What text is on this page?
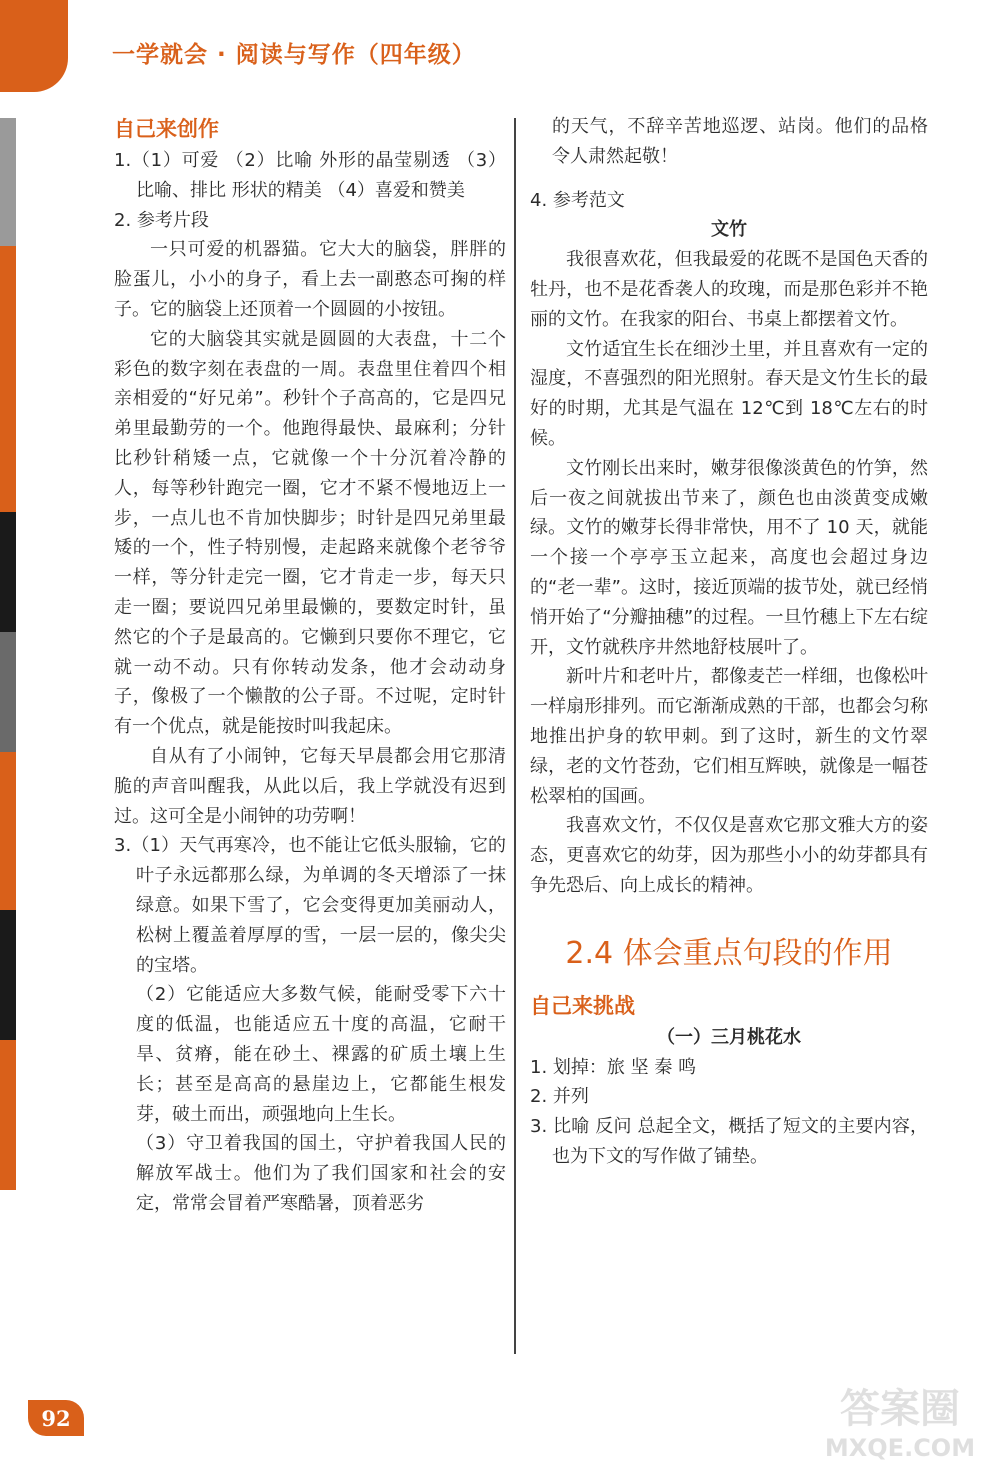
一学就会 · 阅读与写作（四年级）

自己来创作

1.（1）可爱 （2）比喻 外形的晶莹剔透 （3）比喻、排比 形状的精美 （4）喜爱和赞美

2. 参考片段

一只可爱的机器猫。它大大的脑袋，胖胖的脸蛋儿，小小的身子，看上去一副憨态可掬的样子。它的脑袋上还顶着一个圆圆的小按钮。

它的大脑袋其实就是圆圆的大表盘，十二个彩色的数字刻在表盘的一周。表盘里住着四个相亲相爱的“好兄弟”。秒针个子高高的，它是四兄弟里最勤劳的一个。他跑得最快、最麻利；分针比秒针稍矮一点，它就像一个十分沉着冷静的人，每等秒针跑完一圈，它才不紧不慢地迈上一步，一点儿也不肯加快脚步；时针是四兄弟里最矮的一个，性子特别慢，走起路来就像个老爷爷一样，等分针走完一圈，它才肯走一步，每天只走一圈；要说四兄弟里最懒的，要数定时针，虽然它的个子是最高的。它懒到只要你不理它，它就一动不动。只有你转动发条，他才会动动身子，像极了一个懒散的公子哥。不过呢，定时针有一个优点，就是能按时叫我起床。

自从有了小闹钟，它每天早晨都会用它那清脆的声音叫醒我，从此以后，我上学就没有迟到过。这可全是小闹钟的功劳啊！

3.（1）天气再寒冷，也不能让它低头服输，它的叶子永远都那么绿，为单调的冬天增添了一抹绿意。如果下雪了，它会变得更加美丽动人，松树上覆盖着厚厚的雪，一层一层的，像尖尖的宝塔。

（2）它能适应大多数气候，能耐受零下六十度的低温，也能适应五十度的高温，它耐干旱、贫瘠，能在砂土、裸露的矿质土壤上生长；甚至是高高的悬崖边上，它都能生根发芽，破土而出，顽强地向上生长。

（3）守卫着我国的国土，守护着我国人民的解放军战士。他们为了我们国家和社会的安定，常常会冒着严寒酷暑，顶着恶劣

的天气，不辞辛苦地巡逻、站岗。他们的品格令人肃然起敬！

4. 参考范文

文竹

我很喜欢花，但我最爱的花既不是国色天香的牡丹，也不是花香袭人的玫瑰，而是那色彩并不艳丽的文竹。在我家的阳台、书桌上都摆着文竹。

文竹适宜生长在细沙土里，并且喜欢有一定的湿度，不喜强烈的阳光照射。春天是文竹生长的最好的时期，尤其是气温在 12℃到 18℃左右的时候。

文竹刚长出来时，嫩芽很像淡黄色的竹笋，然后一夜之间就拔出节来了，颜色也由淡黄变成嫩绿。文竹的嫩芽长得非常快，用不了 10 天，就能一个接一个亭亭玉立起来，高度也会超过身边的“老一辈”。这时，接近顶端的拔节处，就已经悄悄开始了“分瓣抽穗”的过程。一旦竹穗上下左右绽开，文竹就秩序井然地舒枝展叶了。

新叶片和老叶片，都像麦芒一样细，也像松叶一样扇形排列。而它渐渐成熟的干部，也都会匀称地推出护身的软甲刺。到了这时，新生的文竹翠绿，老的文竹苍劲，它们相互辉映，就像是一幅苍松翠柏的国画。

我喜欢文竹，不仅仅是喜欢它那文雅大方的姿态，更喜欢它的幼芽，因为那些小小的幼芽都具有争先恐后、向上成长的精神。

2.4 体会重点句段的作用

自己来挑战

（一）三月桃花水

1. 划掉：旅 坚 秦 鸣

2. 并列

3. 比喻 反问 总起全文，概括了短文的主要内容，也为下文的写作做了铺垫。

92	答案圈
MXQE.COM
